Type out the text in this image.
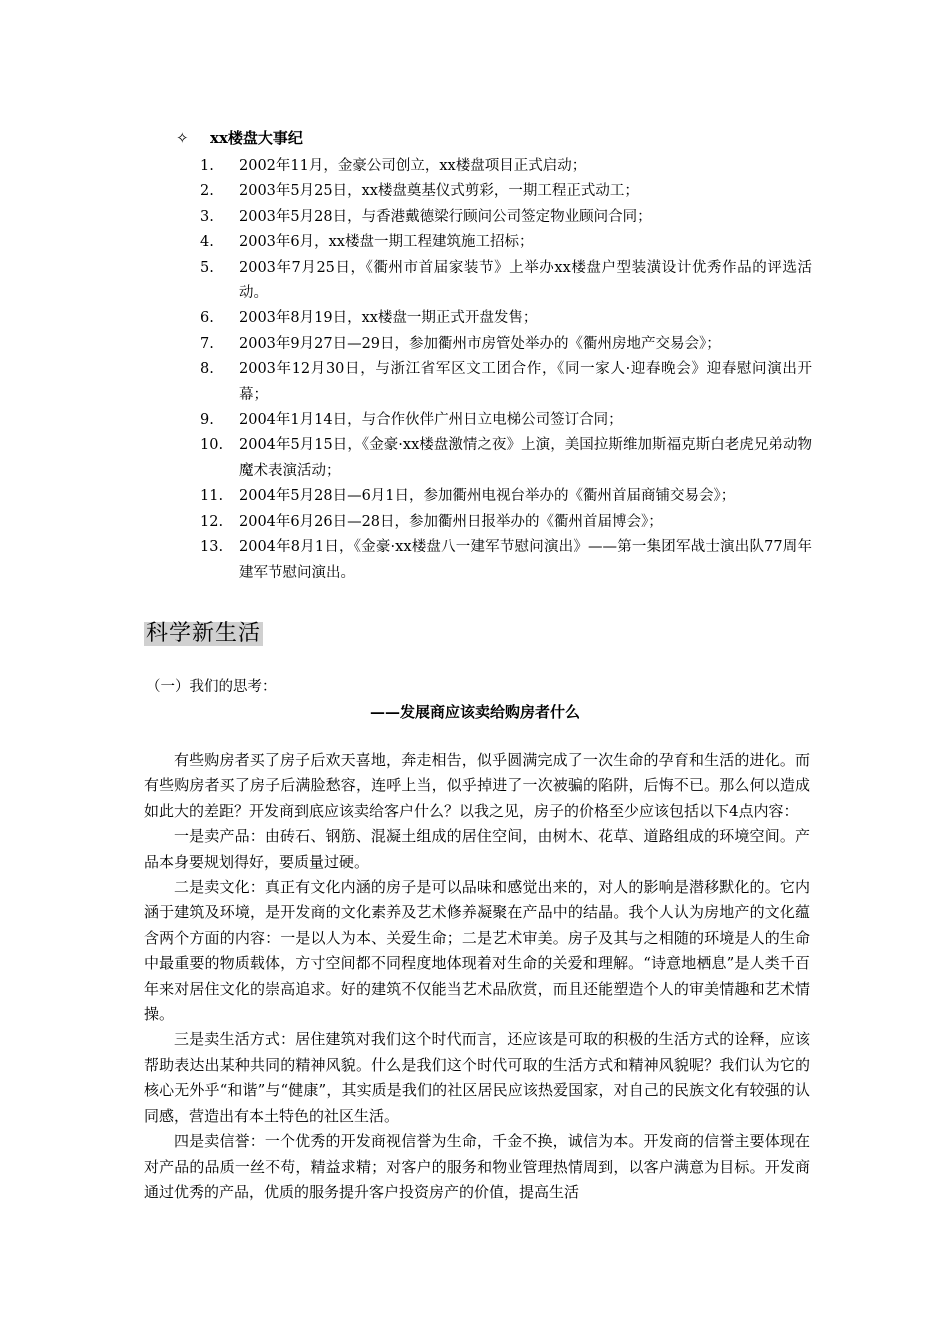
✧ xx楼盘大事纪
1.	2002年11月，金豪公司创立，xx楼盘项目正式启动；
2.	2003年5月25日，xx楼盘奠基仪式剪彩，一期工程正式动工；
3.	2003年5月28日，与香港戴德梁行顾问公司签定物业顾问合同；
4.	2003年6月，xx楼盘一期工程建筑施工招标；
5.	2003年7月25日，《衢州市首届家装节》上举办xx楼盘户型装潢设计优秀作品的评选活动。
6.	2003年8月19日，xx楼盘一期正式开盘发售；
7.	2003年9月27日—29日，参加衢州市房管处举办的《衢州房地产交易会》；
8.	2003年12月30日，与浙江省军区文工团合作，《同一家人·迎春晚会》迎春慰问演出开幕；
9.	2004年1月14日，与合作伙伴广州日立电梯公司签订合同；
10.	2004年5月15日，《金豪·xx楼盘激情之夜》上演，美国拉斯维加斯福克斯白老虎兄弟动物魔术表演活动；
11.	2004年5月28日—6月1日，参加衢州电视台举办的《衢州首届商铺交易会》；
12.	2004年6月26日—28日，参加衢州日报举办的《衢州首届博会》；
13.	2004年8月1日，《金豪·xx楼盘八一建军节慰问演出》——第一集团军战士演出队77周年建军节慰问演出。
科学新生活
（一）我们的思考：
——发展商应该卖给购房者什么

有些购房者买了房子后欢天喜地，奔走相告，似乎圆满完成了一次生命的孕育和生活的进化。而有些购房者买了房子后满脸愁容，连呼上当，似乎掉进了一次被骗的陷阱，后悔不已。那么何以造成如此大的差距？开发商到底应该卖给客户什么？以我之见，房子的价格至少应该包括以下4点内容：

一是卖产品：由砖石、钢筋、混凝土组成的居住空间，由树木、花草、道路组成的环境空间。产品本身要规划得好，要质量过硬。

二是卖文化：真正有文化内涵的房子是可以品味和感觉出来的，对人的影响是潜移默化的。它内涵于建筑及环境，是开发商的文化素养及艺术修养凝聚在产品中的结晶。我个人认为房地产的文化蕴含两个方面的内容：一是以人为本、关爱生命；二是艺术审美。房子及其与之相随的环境是人的生命中最重要的物质载体，方寸空间都不同程度地体现着对生命的关爱和理解。“诗意地栖息”是人类千百年来对居住文化的崇高追求。好的建筑不仅能当艺术品欣赏，而且还能塑造个人的审美情趣和艺术情操。

三是卖生活方式：居住建筑对我们这个时代而言，还应该是可取的积极的生活方式的诠释，应该帮助表达出某种共同的精神风貌。什么是我们这个时代可取的生活方式和精神风貌呢？我们认为它的核心无外乎“和谐”与“健康”，其实质是我们的社区居民应该热爱国家，对自己的民族文化有较强的认同感，营造出有本土特色的社区生活。

四是卖信誉：一个优秀的开发商视信誉为生命，千金不换，诚信为本。开发商的信誉主要体现在对产品的品质一丝不苟，精益求精；对客户的服务和物业管理热情周到，以客户满意为目标。开发商通过优秀的产品，优质的服务提升客户投资房产的价值，提高生活
